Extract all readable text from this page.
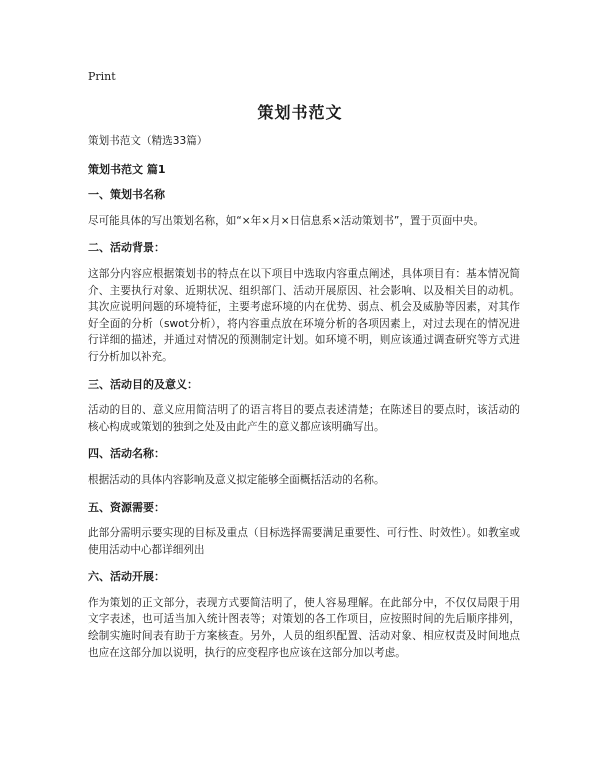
Print
策划书范文
策划书范文（精选33篇）
策划书范文 篇1
一、策划书名称
尽可能具体的写出策划名称，如“×年×月×日信息系×活动策划书”，置于页面中央。
二、活动背景：
这部分内容应根据策划书的特点在以下项目中选取内容重点阐述，具体项目有：基本情况简介、主要执行对象、近期状况、组织部门、活动开展原因、社会影响、以及相关目的动机。其次应说明问题的环境特征，主要考虑环境的内在优势、弱点、机会及威胁等因素，对其作好全面的分析（swot分析），将内容重点放在环境分析的各项因素上，对过去现在的情况进行详细的描述，并通过对情况的预测制定计划。如环境不明，则应该通过调查研究等方式进行分析加以补充。
三、活动目的及意义：
活动的目的、意义应用简洁明了的语言将目的要点表述清楚；在陈述目的要点时，该活动的核心构成或策划的独到之处及由此产生的意义都应该明确写出。
四、活动名称：
根据活动的具体内容影响及意义拟定能够全面概括活动的名称。
五、资源需要：
此部分需明示要实现的目标及重点（目标选择需要满足重要性、可行性、时效性）。如教室或使用活动中心都详细列出
六、活动开展：
作为策划的正文部分，表现方式要简洁明了，使人容易理解。在此部分中，不仅仅局限于用文字表述，也可适当加入统计图表等；对策划的各工作项目，应按照时间的先后顺序排列，绘制实施时间表有助于方案核查。另外，人员的组织配置、活动对象、相应权责及时间地点也应在这部分加以说明，执行的应变程序也应该在这部分加以考虑。
